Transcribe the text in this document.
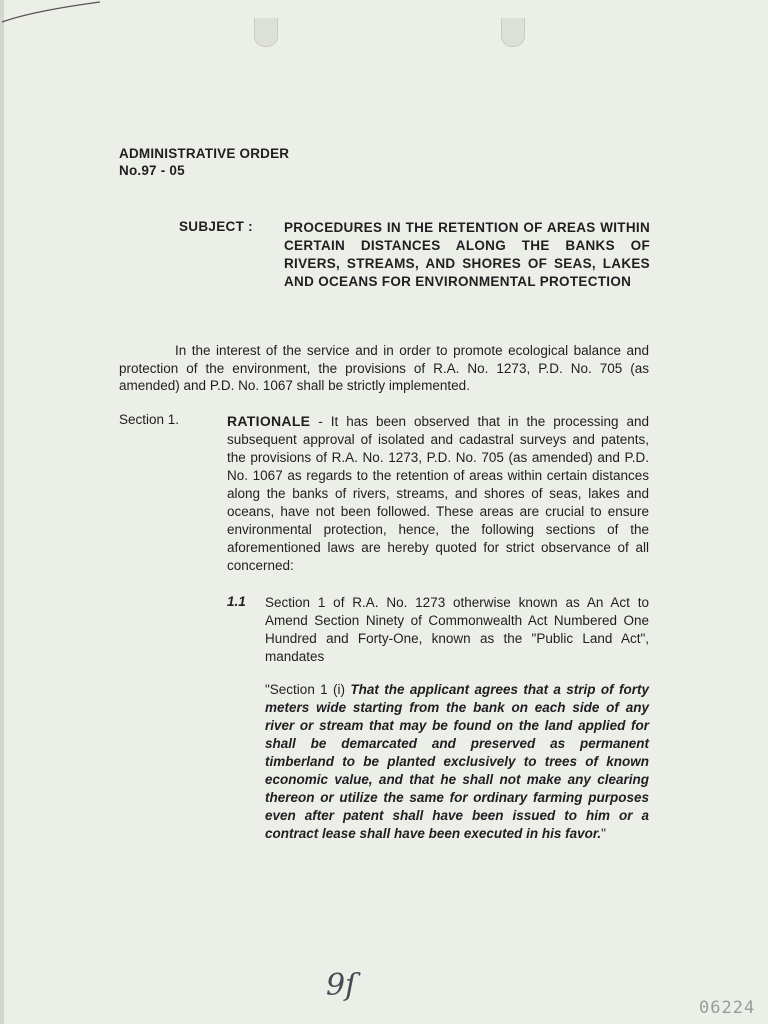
ADMINISTRATIVE ORDER
No.97 - 05
SUBJECT : PROCEDURES IN THE RETENTION OF AREAS WITHIN CERTAIN DISTANCES ALONG THE BANKS OF RIVERS, STREAMS, AND SHORES OF SEAS, LAKES AND OCEANS FOR ENVIRONMENTAL PROTECTION
In the interest of the service and in order to promote ecological balance and protection of the environment, the provisions of R.A. No. 1273, P.D. No. 705 (as amended) and P.D. No. 1067 shall be strictly implemented.
Section 1.	RATIONALE - It has been observed that in the processing and subsequent approval of isolated and cadastral surveys and patents, the provisions of R.A. No. 1273, P.D. No. 705 (as amended) and P.D. No. 1067 as regards to the retention of areas within certain distances along the banks of rivers, streams, and shores of seas, lakes and oceans, have not been followed. These areas are crucial to ensure environmental protection, hence, the following sections of the aforementioned laws are hereby quoted for strict observance of all concerned:
1.1 Section 1 of R.A. No. 1273 otherwise known as An Act to Amend Section Ninety of Commonwealth Act Numbered One Hundred and Forty-One, known as the "Public Land Act", mandates
"Section 1 (i) That the applicant agrees that a strip of forty meters wide starting from the bank on each side of any river or stream that may be found on the land applied for shall be demarcated and preserved as permanent timberland to be planted exclusively to trees of known economic value, and that he shall not make any clearing thereon or utilize the same for ordinary farming purposes even after patent shall have been issued to him or a contract lease shall have been executed in his favor."
9ſ
06224
